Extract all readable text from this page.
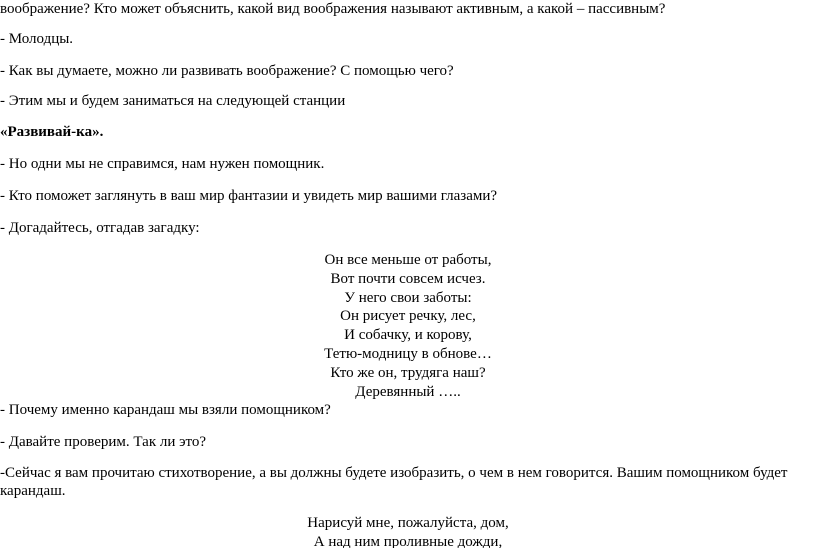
воображение? Кто может объяснить, какой вид воображения называют активным, а какой – пассивным?
- Молодцы.
- Как вы думаете, можно ли развивать воображение? С помощью чего?
- Этим мы и будем заниматься на следующей станции
«Развивай-ка».
- Но одни мы не справимся, нам нужен помощник.
- Кто поможет заглянуть в ваш мир фантазии и увидеть мир вашими глазами?
- Догадайтесь, отгадав загадку:
Он все меньше от работы,
Вот почти совсем исчез.
У него свои заботы:
Он рисует речку, лес,
И собачку, и корову,
Тетю-модницу в обнове…
Кто же он, трудяга наш?
Деревянный …..
- Почему именно карандаш мы взяли помощником?
- Давайте проверим. Так ли это?
-Сейчас я вам прочитаю стихотворение, а вы должны будете изобразить, о чем в нем говорится. Вашим помощником будет карандаш.
Нарисуй мне, пожалуйста, дом,
А над ним проливные дожди,
